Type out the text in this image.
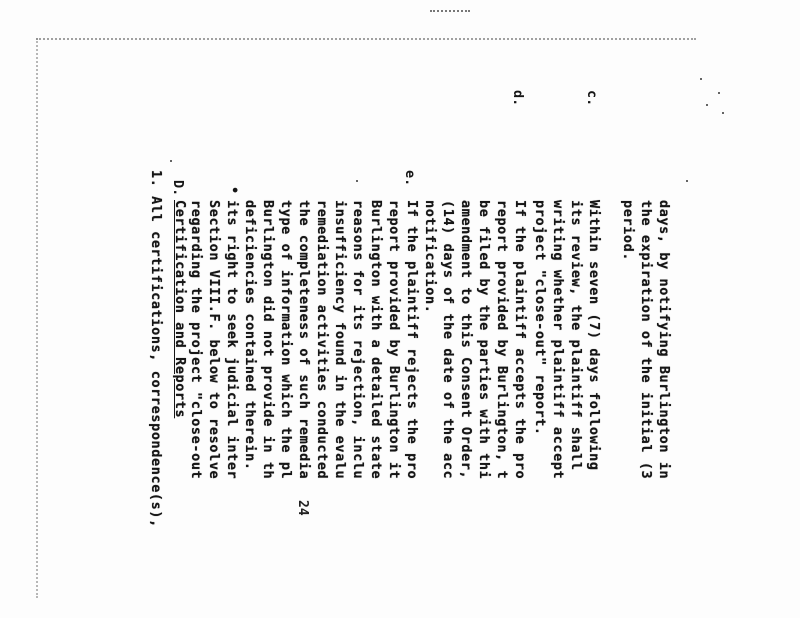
days, by notifying Burlington in
the expiration of the initial (3
period.
c.
Within seven (7) days following
its review, the plaintiff shall
writing whether plaintiff accept
project "close-out" report.
d.
If the plaintiff accepts the pro
report provided by Burlington, t
be filed by the parties with thi
amendment to this Consent Order,
(14) days of the date of the acc
notification.
e.
If the plaintiff rejects the pro
report provided by Burlington it
Burlington with a detailed state
reasons for its rejection, inclu
insufficiency found in the evalu
remediation activities conducted
the completeness of such remedia
type of information which the pl
Burlington did not provide in th
deficiencies contained therein.
•
its right to seek judicial inter
Section VIII.F. below to resolve
regarding the project "close-out
D.
Certification and Reports
1. All certifications, correspondence(s),	24
